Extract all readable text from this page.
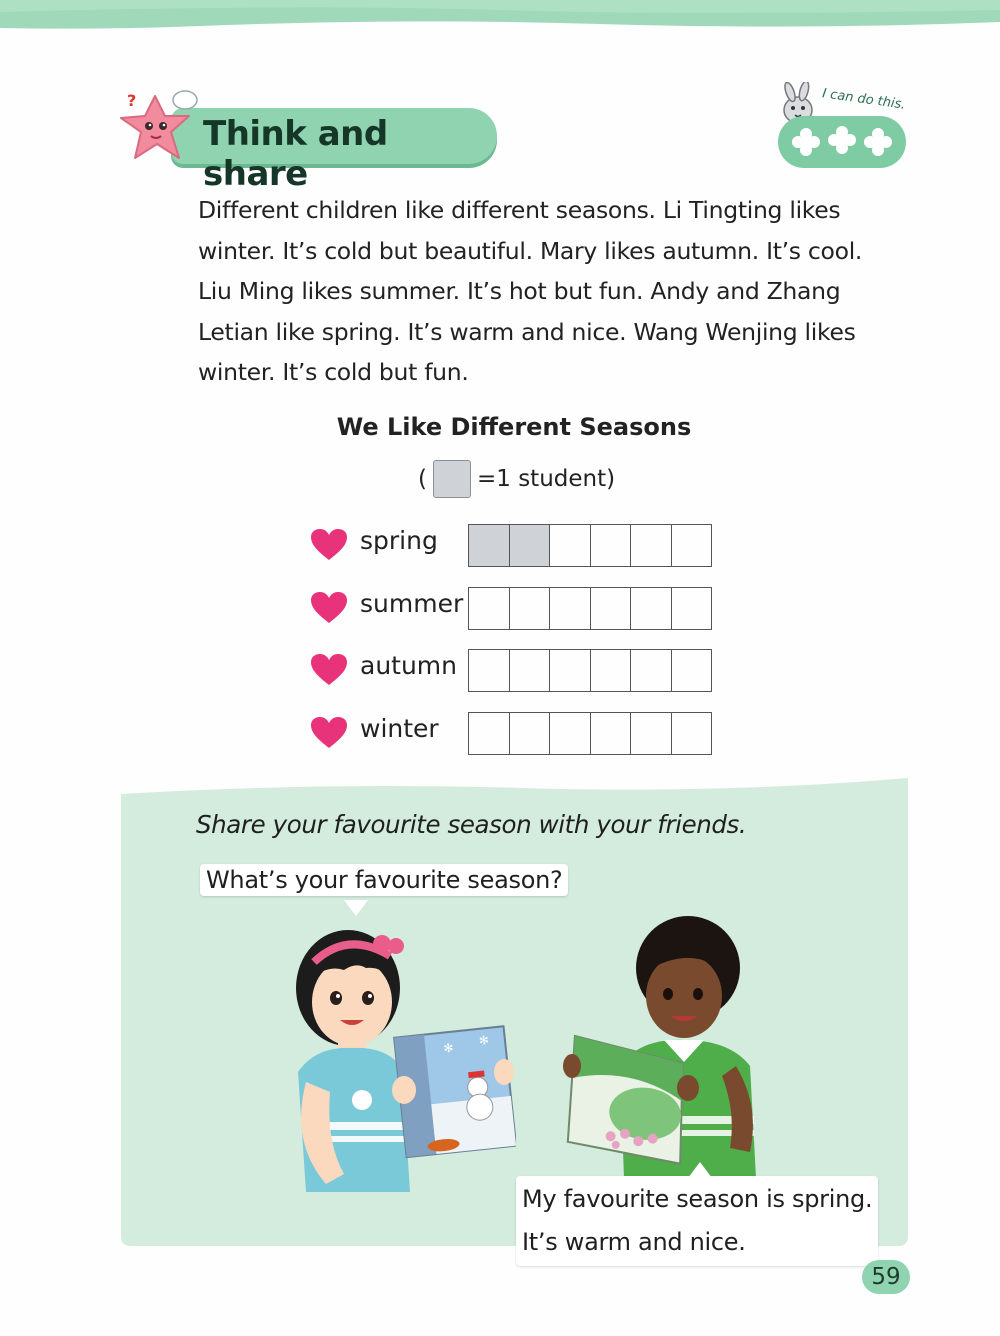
Think and share
?	I can do this.
Different children like different seasons. Li Tingting likes
winter. It’s cold but beautiful. Mary likes autumn. It’s cool.
Liu Ming likes summer. It’s hot but fun. Andy and Zhang
Letian like spring. It’s warm and nice. Wang Wenjing likes
winter. It’s cold but fun.
We Like Different Seasons
( =1 student)
spring
summer
autumn
winter
Share your favourite season with your friends.
What’s your favourite season?
✻
✻
My favourite season is spring.
It’s warm and nice.
59
